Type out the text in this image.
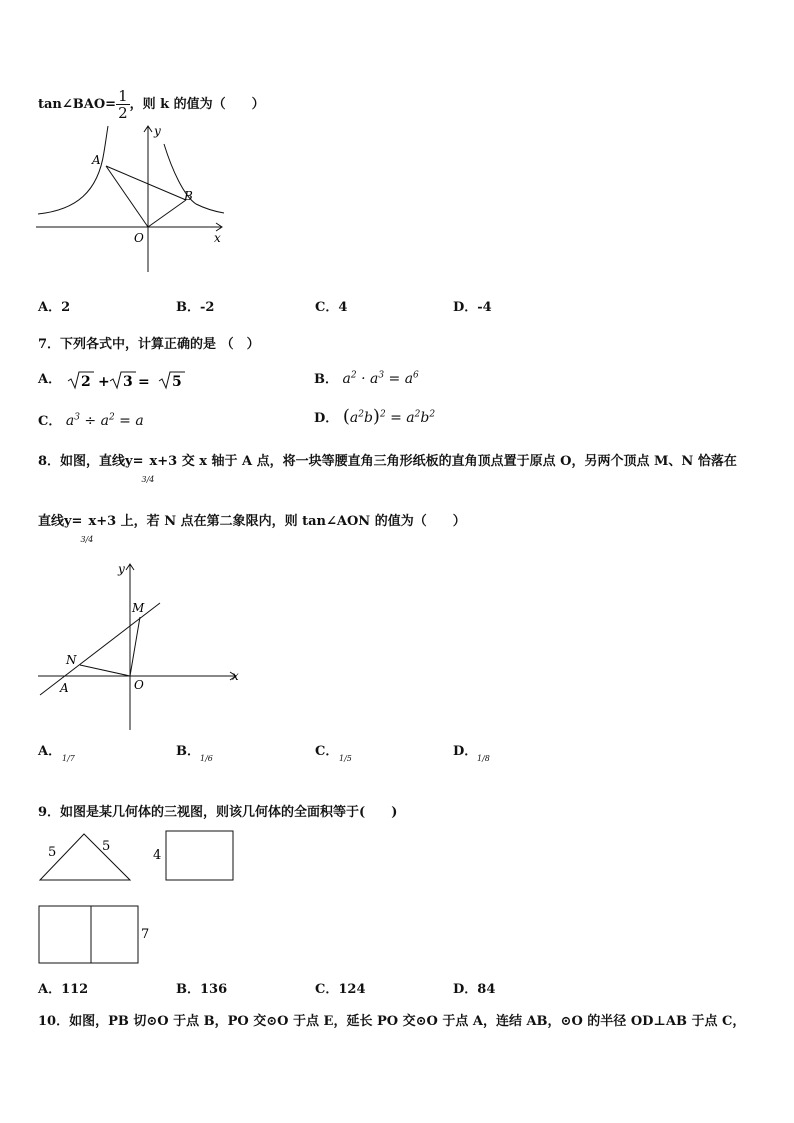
tan∠BAO= $\frac{1}{2}$ ，则 k 的值为（　　）
y
x
O
A
B
A．2	B．-2	C．4	D．-4
7．下列各式中，计算正确的是 （　）
A． 2 + 3 = 5	B． $a^2 \cdot a^3 = a^6$
C． $a^3 \div a^2 = a$	D． $(a^2b)^2 = a^2b^2$
8．如图，直线y=
3/4
x+3 交 x 轴于 A 点，将一块等腰直角三角形纸板的直角顶点置于原点 O，另两个顶点 M、N 恰落在
直线y=
3/4
x+3 上，若 N 点在第二象限内，则 tan∠AON 的值为（　　）
y
x
O
A
M
N
A． 1/7	B． 1/6	C． 1/5	D． 1/8
9．如图是某几何体的三视图，则该几何体的全面积等于(　　)
5	5
4
7
A．112	B．136	C．124	D．84
10．如图，PB 切⊙O 于点 B，PO 交⊙O 于点 E，延长 PO 交⊙O 于点 A，连结 AB，⊙O 的半径 OD⊥AB 于点 C，
